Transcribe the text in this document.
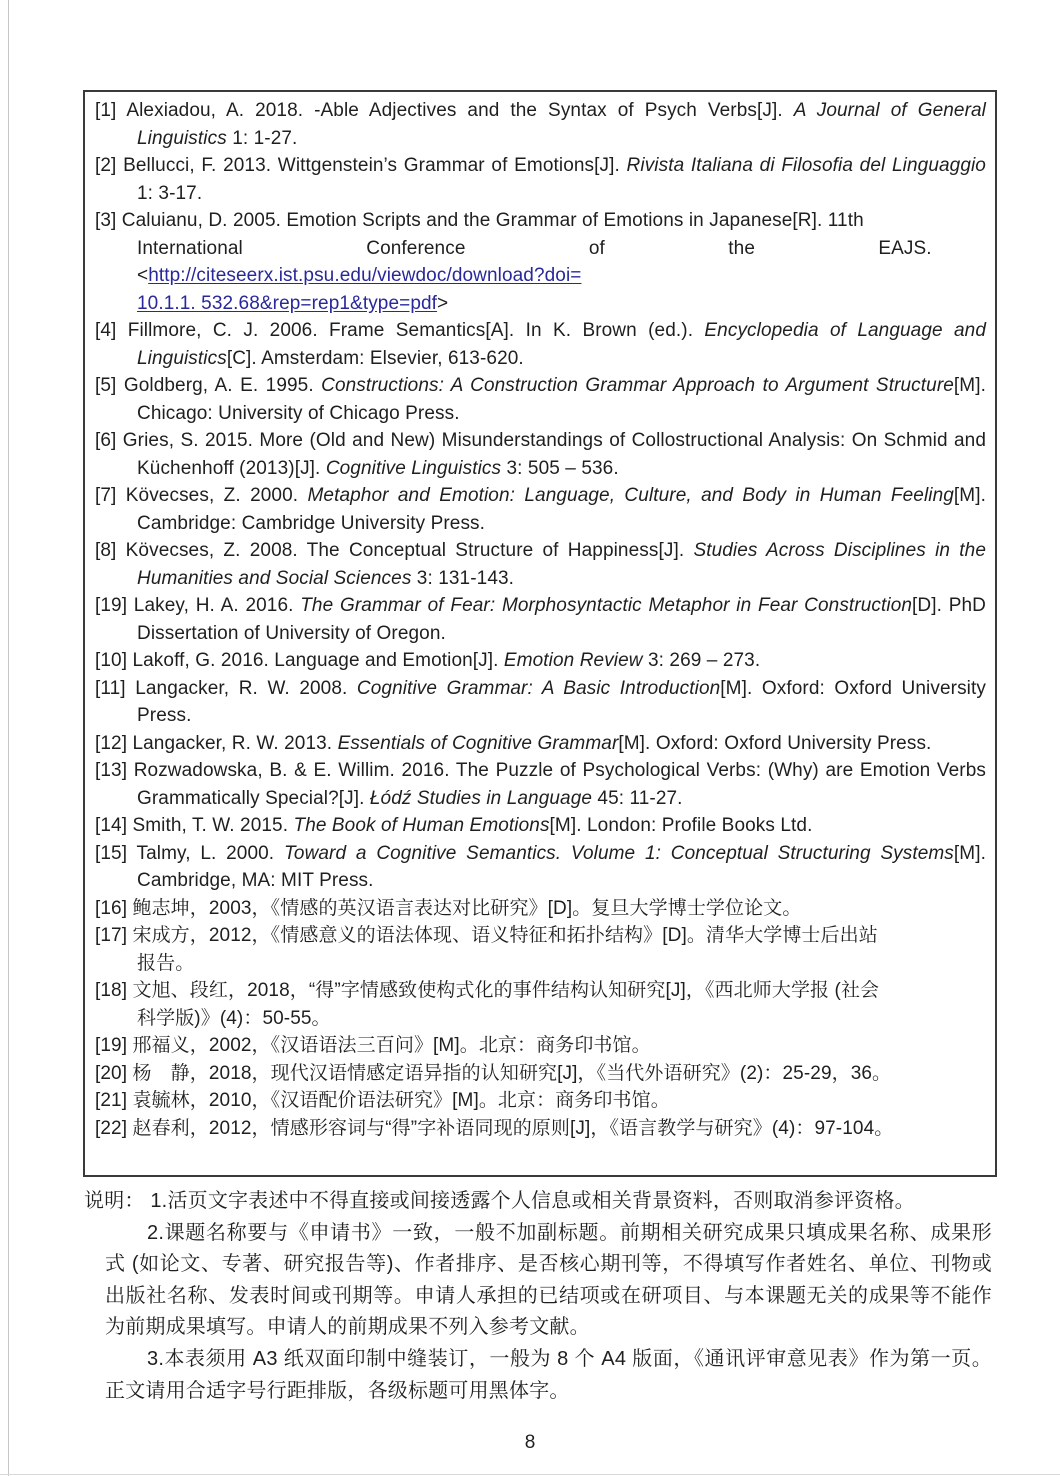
[1] Alexiadou, A. 2018. -Able Adjectives and the Syntax of Psych Verbs[J]. A Journal of General Linguistics 1: 1-27.

[2] Bellucci, F. 2013. Wittgenstein’s Grammar of Emotions[J]. Rivista Italiana di Filosofia del Linguaggio 1: 3-17.

[3] Caluianu, D. 2005. Emotion Scripts and the Grammar of Emotions in Japanese[R]. 11th
International Conference of the EAJS.
<http://citeseerx.ist.psu.edu/viewdoc/download?doi=
10.1.1. 532.68&rep=rep1&type=pdf>

[4] Fillmore, C. J. 2006. Frame Semantics[A]. In K. Brown (ed.). Encyclopedia of Language and Linguistics[C]. Amsterdam: Elsevier, 613-620.

[5] Goldberg, A. E. 1995. Constructions: A Construction Grammar Approach to Argument Structure[M]. Chicago: University of Chicago Press.

[6] Gries, S. 2015. More (Old and New) Misunderstandings of Collostructional Analysis: On Schmid and Küchenhoff (2013)[J]. Cognitive Linguistics 3: 505 – 536.

[7] Kövecses, Z. 2000. Metaphor and Emotion: Language, Culture, and Body in Human Feeling[M]. Cambridge: Cambridge University Press.

[8] Kövecses, Z. 2008. The Conceptual Structure of Happiness[J]. Studies Across Disciplines in the Humanities and Social Sciences 3: 131-143.

[19] Lakey, H. A. 2016. The Grammar of Fear: Morphosyntactic Metaphor in Fear Construction[D]. PhD Dissertation of University of Oregon.

[10] Lakoff, G. 2016. Language and Emotion[J]. Emotion Review 3: 269 – 273.

[11] Langacker, R. W. 2008. Cognitive Grammar: A Basic Introduction[M]. Oxford: Oxford University Press.

[12] Langacker, R. W. 2013. Essentials of Cognitive Grammar[M]. Oxford: Oxford University Press.

[13] Rozwadowska, B. & E. Willim. 2016. The Puzzle of Psychological Verbs: (Why) are Emotion Verbs Grammatically Special?[J]. Łódź Studies in Language 45: 11-27.

[14] Smith, T. W. 2015. The Book of Human Emotions[M]. London: Profile Books Ltd.

[15] Talmy, L. 2000. Toward a Cognitive Semantics. Volume 1: Conceptual Structuring Systems[M]. Cambridge, MA: MIT Press.

[16] 鲍志坤，2003，《情感的英汉语言表达对比研究》[D]。复旦大学博士学位论文。

[17] 宋成方，2012，《情感意义的语法体现、语义特征和拓扑结构》[D]。清华大学博士后出站
报告。

[18] 文旭、段红，2018，“得”字情感致使构式化的事件结构认知研究[J]，《西北师大学报 (社会
科学版)》(4)：50-55。

[19] 邢福义，2002，《汉语语法三百问》[M]。北京：商务印书馆。

[20] 杨　静，2018，现代汉语情感定语异指的认知研究[J]，《当代外语研究》(2)：25-29，36。

[21] 袁毓林，2010，《汉语配价语法研究》[M]。北京：商务印书馆。

[22] 赵春利，2012，情感形容词与“得”字补语同现的原则[J]，《语言教学与研究》(4)：97-104。

说明： 1.活页文字表述中不得直接或间接透露个人信息或相关背景资料，否则取消参评资格。

2.课题名称要与《申请书》一致，一般不加副标题。前期相关研究成果只填成果名称、成果形式 (如论文、专著、研究报告等)、作者排序、是否核心期刊等，不得填写作者姓名、单位、刊物或出版社名称、发表时间或刊期等。申请人承担的已结项或在研项目、与本课题无关的成果等不能作为前期成果填写。申请人的前期成果不列入参考文献。

3.本表须用 A3 纸双面印制中缝装订，一般为 8 个 A4 版面，《通讯评审意见表》作为第一页。正文请用合适字号行距排版，各级标题可用黑体字。

8
